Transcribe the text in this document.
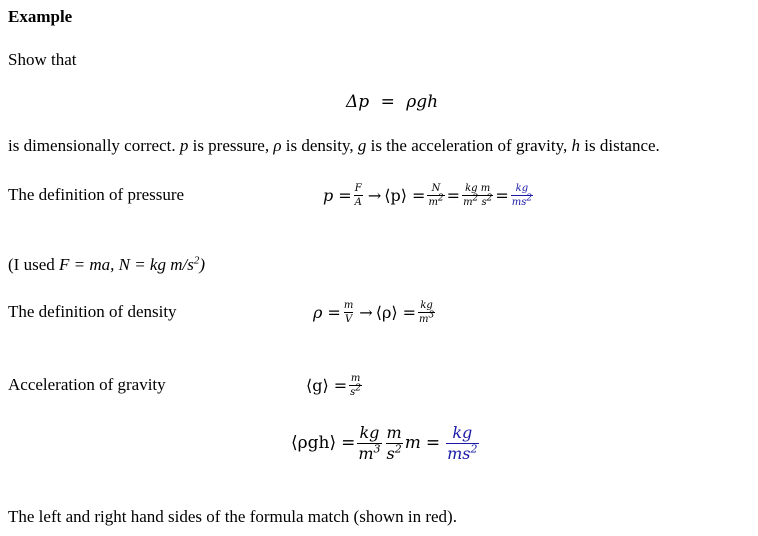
Example
Show that
Δp = ρgh
is dimensionally correct. p is pressure, ρ is density, g is the acceleration of gravity, h is distance.
The definition of pressure	$p = \frac{F}{A}$ → ⟨p⟩ = $\frac{N}{m^2} = \frac{\text{kg m}}{m^2 s^2} = \frac{kg}{ms^2}$
(I used F = ma, N = kg $m/s^2$)
The definition of density	$\rho = \frac{m}{V}$ → ⟨ρ⟩ = $\frac{kg}{m^3}$
Acceleration of gravity	⟨g⟩ = $\frac{m}{s^2}$
⟨ρgh⟩ = $\frac{kg}{m^3} \frac{m}{s^2}$ $m = \frac{kg}{ms^2}$
The left and right hand sides of the formula match (shown in red).
